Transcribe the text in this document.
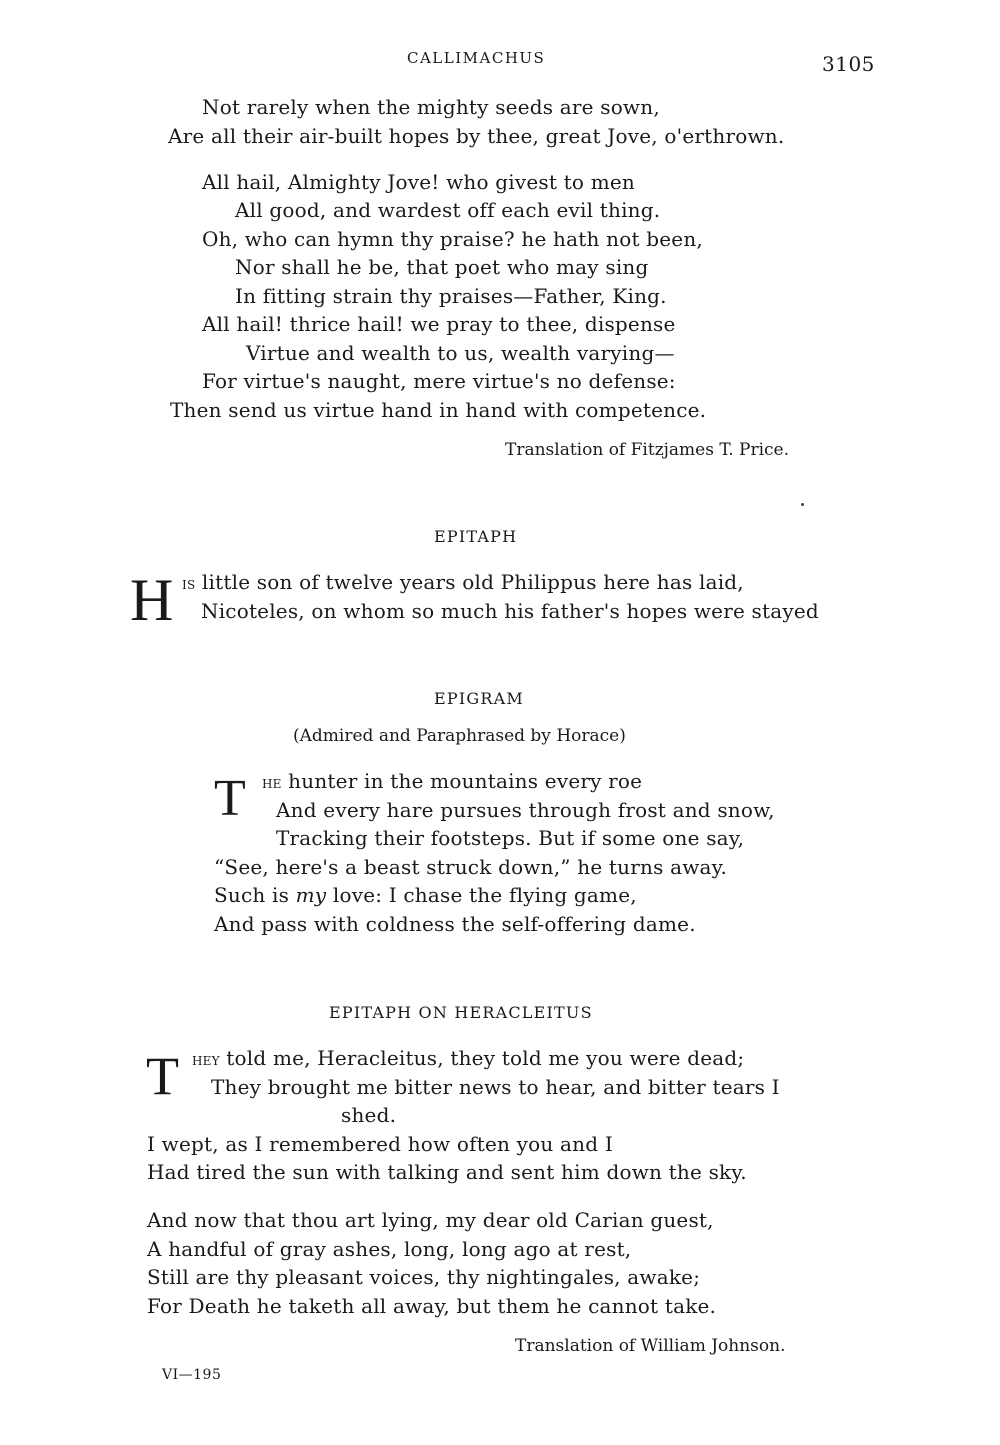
CALLIMACHUS	3105
Not rarely when the mighty seeds are sown,
Are all their air-built hopes by thee, great Jove, o'erthrown.
All hail, Almighty Jove! who givest to men
All good, and wardest off each evil thing.
Oh, who can hymn thy praise? he hath not been,
Nor shall he be, that poet who may sing
In fitting strain thy praises—Father, King.
All hail! thrice hail! we pray to thee, dispense
Virtue and wealth to us, wealth varying—
For virtue's naught, mere virtue's no defense:
Then send us virtue hand in hand with competence.
Translation of Fitzjames T. Price.
EPITAPH
H is little son of twelve years old Philippus here has laid,
Nicoteles, on whom so much his father's hopes were stayed
EPIGRAM
(Admired and Paraphrased by Horace)
T he hunter in the mountains every roe
And every hare pursues through frost and snow,
Tracking their footsteps. But if some one say,
“See, here's a beast struck down,” he turns away.
Such is my love: I chase the flying game,
And pass with coldness the self-offering dame.
EPITAPH ON HERACLEITUS
T hey told me, Heracleitus, they told me you were dead;
They brought me bitter news to hear, and bitter tears I
shed.
I wept, as I remembered how often you and I
Had tired the sun with talking and sent him down the sky.
And now that thou art lying, my dear old Carian guest,
A handful of gray ashes, long, long ago at rest,
Still are thy pleasant voices, thy nightingales, awake;
For Death he taketh all away, but them he cannot take.
Translation of William Johnson.
VI—195
